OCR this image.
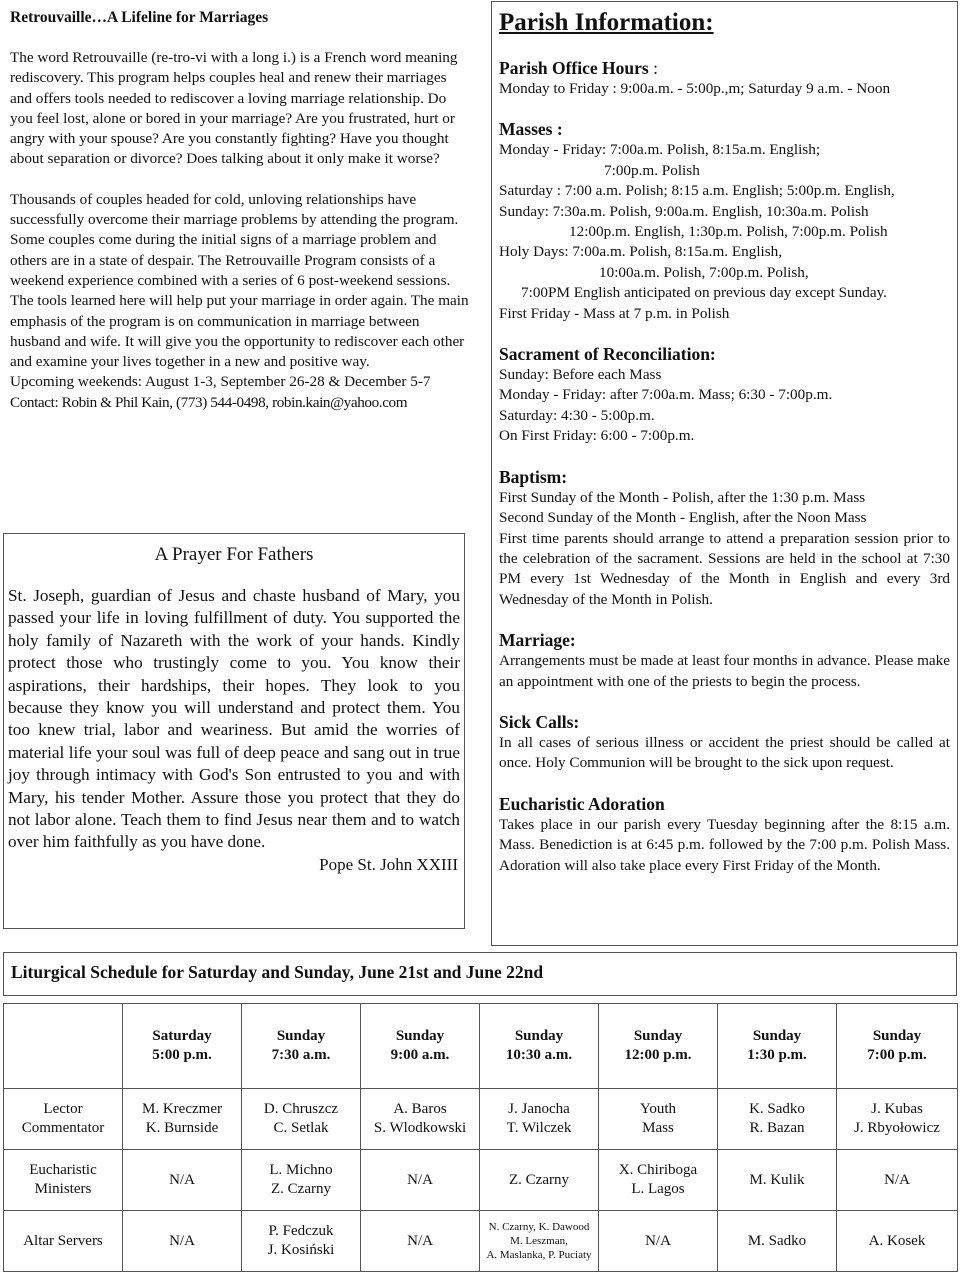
Retrouvaille…A Lifeline for Marriages

The word Retrouvaille (re-tro-vi with a long i.) is a French word meaning rediscovery. This program helps couples heal and renew their marriages and offers tools needed to rediscover a loving marriage relationship. Do you feel lost, alone or bored in your marriage? Are you frustrated, hurt or angry with your spouse? Are you constantly fighting? Have you thought about separation or divorce? Does talking about it only make it worse?

Thousands of couples headed for cold, unloving relationships have successfully overcome their marriage problems by attending the program. Some couples come during the initial signs of a marriage problem and others are in a state of despair. The Retrouvaille Program consists of a weekend experience combined with a series of 6 post-weekend sessions. The tools learned here will help put your marriage in order again. The main emphasis of the program is on communication in marriage between husband and wife. It will give you the opportunity to rediscover each other and examine your lives together in a new and positive way.

Upcoming weekends: August 1-3, September 26-28 & December 5-7

Contact: Robin & Phil Kain, (773) 544-0498, robin.kain@yahoo.com

A Prayer For Fathers

St. Joseph, guardian of Jesus and chaste husband of Mary, you passed your life in loving fulfillment of duty. You supported the holy family of Nazareth with the work of your hands. Kindly protect those who trustingly come to you. You know their aspirations, their hardships, their hopes. They look to you because they know you will understand and protect them. You too knew trial, labor and weariness. But amid the worries of material life your soul was full of deep peace and sang out in true joy through intimacy with God's Son entrusted to you and with Mary, his tender Mother. Assure those you protect that they do not labor alone. Teach them to find Jesus near them and to watch over him faithfully as you have done.

Pope St. John XXIII

Parish Information:
Parish Office Hours :
Monday to Friday : 9:00a.m. - 5:00p.,m; Saturday 9 a.m. - Noon
Masses :
Monday - Friday: 7:00a.m. Polish, 8:15a.m. English;
7:00p.m. Polish
Saturday : 7:00 a.m. Polish; 8:15 a.m. English; 5:00p.m. English,
Sunday: 7:30a.m. Polish, 9:00a.m. English, 10:30a.m. Polish
12:00p.m. English, 1:30p.m. Polish, 7:00p.m. Polish
Holy Days: 7:00a.m. Polish, 8:15a.m. English,
10:00a.m. Polish, 7:00p.m. Polish,
7:00PM English anticipated on previous day except Sunday.
First Friday - Mass at 7 p.m. in Polish
Sacrament of Reconciliation:
Sunday: Before each Mass
Monday - Friday: after 7:00a.m. Mass; 6:30 - 7:00p.m.
Saturday: 4:30 - 5:00p.m.
On First Friday: 6:00 - 7:00p.m.
Baptism:
First Sunday of the Month - Polish, after the 1:30 p.m. Mass
Second Sunday of the Month - English, after the Noon Mass
First time parents should arrange to attend a preparation session prior to the celebration of the sacrament. Sessions are held in the school at 7:30 PM every 1st Wednesday of the Month in English and every 3rd Wednesday of the Month in Polish.
Marriage:
Arrangements must be made at least four months in advance. Please make an appointment with one of the priests to begin the process.
Sick Calls:
In all cases of serious illness or accident the priest should be called at once. Holy Communion will be brought to the sick upon request.
Eucharistic Adoration
Takes place in our parish every Tuesday beginning after the 8:15 a.m. Mass. Benediction is at 6:45 p.m. followed by the 7:00 p.m. Polish Mass. Adoration will also take place every First Friday of the Month.
Liturgical Schedule for Saturday and Sunday, June 21st and June 22nd

	Saturday
5:00 p.m.	Sunday
7:30 a.m.	Sunday
9:00 a.m.	Sunday
10:30 a.m.	Sunday
12:00 p.m.	Sunday
1:30 p.m.	Sunday
7:00 p.m.

Lector
Commentator	M. Kreczmer
K. Burnside	D. Chruszcz
C. Setlak	A. Baros
S. Wlodkowski	J. Janocha
T. Wilczek	Youth
Mass	K. Sadko
R. Bazan	J. Kubas
J. Rbyołowicz

Eucharistic
Ministers	N/A	L. Michno
Z. Czarny	N/A	Z. Czarny	X. Chiriboga
L. Lagos	M. Kulik	N/A

Altar Servers	N/A	P. Fedczuk
J. Kosiński	N/A	N. Czarny, K. Dawood
M. Leszman,
A. Maslanka, P. Puciaty	N/A	M. Sadko	A. Kosek
